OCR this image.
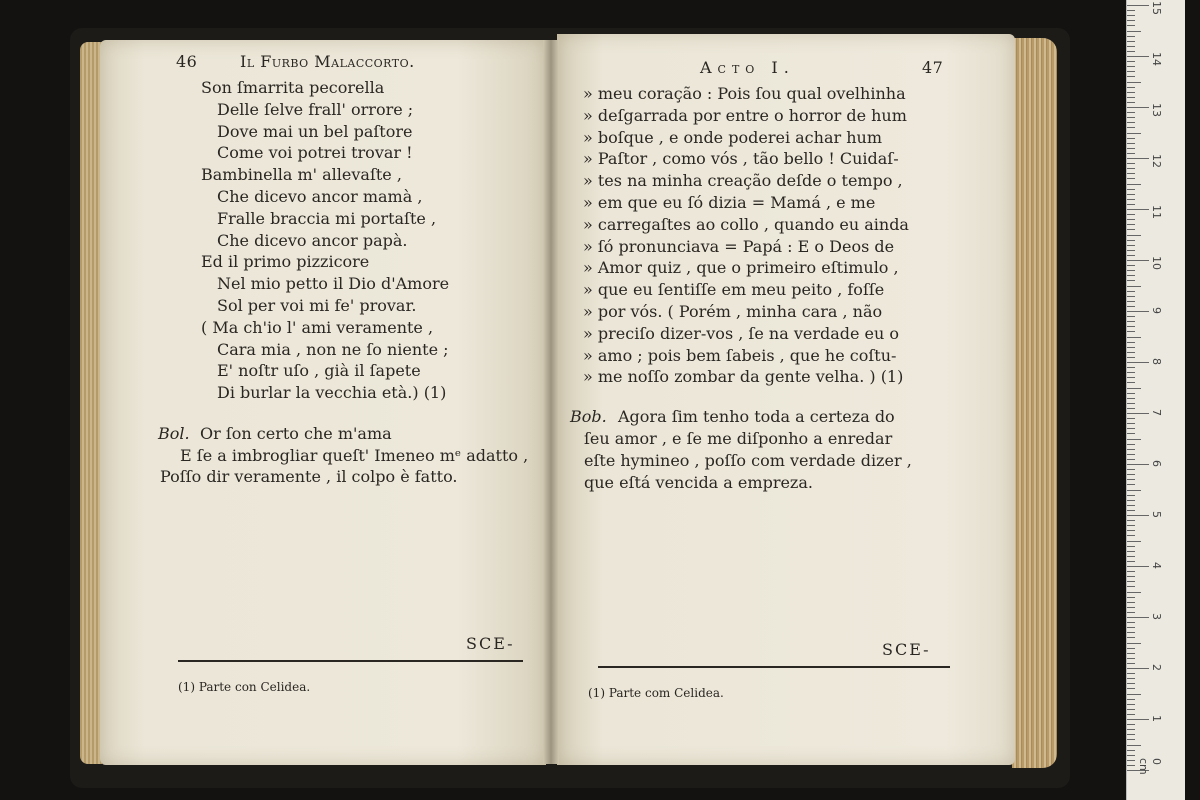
46	Il Furbo Malaccorto.
Son ſmarrita pecorella
Delle ſelve frall' orrore ;
Dove mai un bel paſtore
Come voi potrei trovar !
Bambinella m' allevaſte ,
Che dicevo ancor mamà ,
Fralle braccia mi portaſte ,
Che dicevo ancor papà.
Ed il primo pizzicore
Nel mio petto il Dio d'Amore
Sol per voi mi fe' provar.
( Ma ch'io l' ami veramente ,
Cara mia , non ne ſo niente ;
E' noſtr uſo , già il ſapete
Di burlar la vecchia età.) (1)
Bol. Or ſon certo che m'ama
E ſe a imbrogliar queſt' Imeneo mᵉ adatto ,
Poſſo dir veramente , il colpo è fatto.
SCE-
(1) Parte con Celidea.
Acto I.	47
» meu coração : Pois ſou qual ovelhinha
» deſgarrada por entre o horror de hum
» boſque , e onde poderei achar hum
» Paſtor , como vós , tão bello ! Cuidaſ-
» tes na minha creação deſde o tempo ,
» em que eu ſó dizia = Mamá , e me
» carregaſtes ao collo , quando eu ainda
» ſó pronunciava = Papá : E o Deos de
» Amor quiz , que o primeiro eſtimulo ,
» que eu ſentiſſe em meu peito , foſſe
» por vós. ( Porém , minha cara , não
» preciſo dizer-vos , ſe na verdade eu o
» amo ; pois bem ſabeis , que he coſtu-
» me noſſo zombar da gente velha. ) (1)
Bob. Agora ſim tenho toda a certeza do
ſeu amor , e ſe me diſponho a enredar
eſte hymineo , poſſo com verdade dizer ,
que eſtá vencida a empreza.
SCE-
(1) Parte com Celidea.
1
2
3
4
5
6
7
8
9
10
11
12
13
14
15
0 cm
